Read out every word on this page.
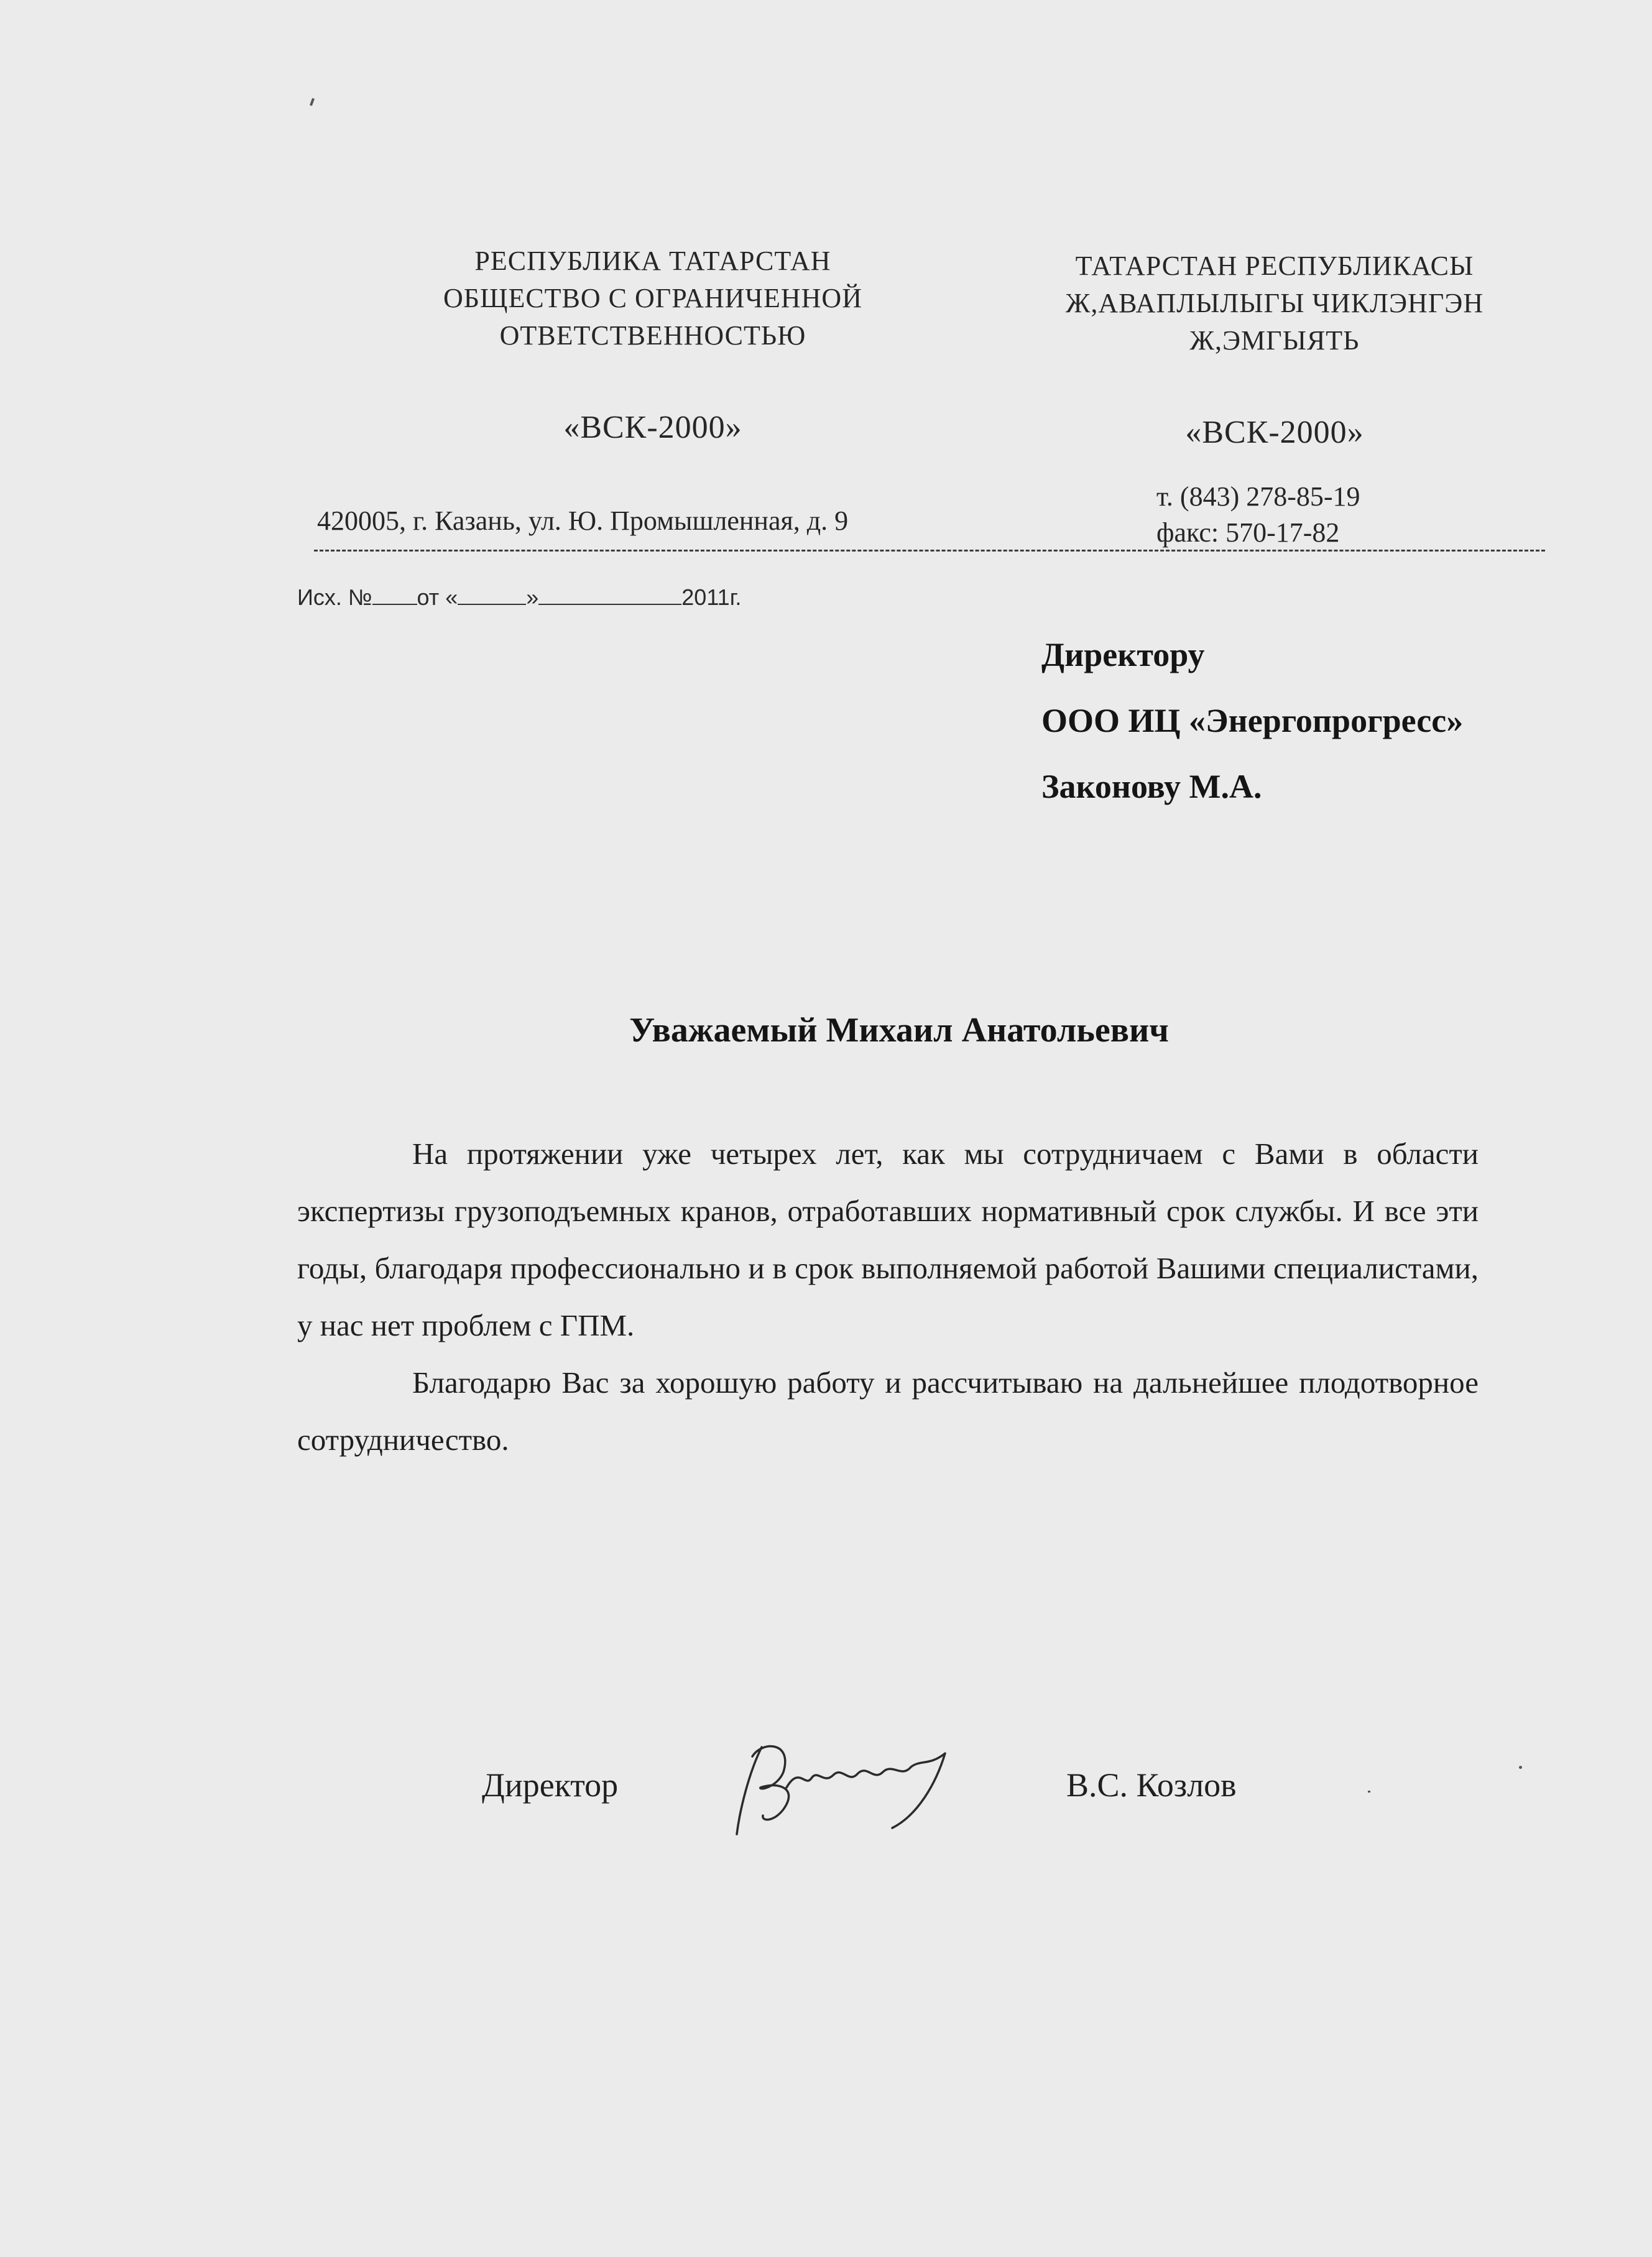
РЕСПУБЛИКА ТАТАРСТАН
ОБЩЕСТВО С ОГРАНИЧЕННОЙ
ОТВЕТСТВЕННОСТЬЮ
«ВСК-2000»
ТАТАРСТАН РЕСПУБЛИКАСЫ
Ж,АВАПЛЫЛЫГЫ ЧИКЛЭНГЭН
Ж,ЭМГЫЯТЬ
«ВСК-2000»
420005, г. Казань, ул. Ю. Промышленная, д. 9
т. (843) 278-85-19
факс: 570-17-82
Исх. № от «	»	2011г.
Директору
ООО ИЦ «Энергопрогресс»
Законову М.А.
Уважаемый Михаил Анатольевич

На протяжении уже четырех лет, как мы сотрудничаем с Вами в области экспертизы грузоподъемных кранов, отработавших нормативный срок службы. И все эти годы, благодаря профессионально и в срок выполняемой работой Вашими специалистами, у нас нет проблем с ГПМ.

Благодарю Вас за хорошую работу и рассчитываю на дальнейшее плодотворное сотрудничество.

Директор	В.С. Козлов
